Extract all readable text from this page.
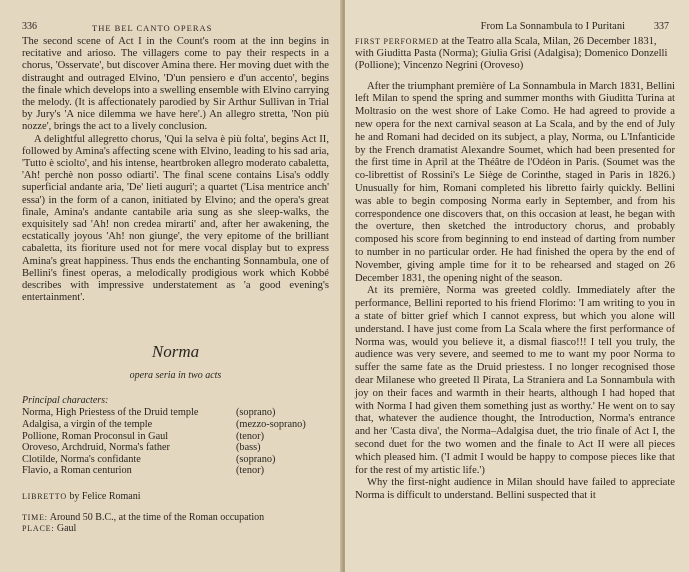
336	THE BEL CANTO OPERAS

The second scene of Act I in the Count's room at the inn begins in recitative and arioso. The villagers come to pay their respects in a chorus, 'Osservate', but discover Amina there. Her moving duet with the distraught and outraged Elvino, 'D'un pensiero e d'un accento', begins the finale which develops into a swelling ensemble with Elvino carrying the melody. (It is affectionately parodied by Sir Arthur Sullivan in Trial by Jury's 'A nice dilemma we have here'.) An allegro stretta, 'Non più nozze', brings the act to a lively conclusion.

A delightful allegretto chorus, 'Qui la selva è più folta', begins Act II, followed by Amina's affecting scene with Elvino, leading to his sad aria, 'Tutto è sciolto', and his intense, heartbroken allegro moderato cabaletta, 'Ah! perchè non posso odiarti'. The final scene contains Lisa's oddly superficial andante aria, 'De' lieti auguri'; a quartet ('Lisa mentrice anch' essa') in the form of a canon, initiated by Elvino; and the opera's great finale, Amina's andante cantabile aria sung as she sleep-walks, the exquisitely sad 'Ah! non credea mirarti' and, after her awakening, the ecstatically joyous 'Ah! non giunge', the very epitome of the brilliant cabaletta, its fioriture used not for mere vocal display but to express Amina's great happiness. Thus ends the enchanting Sonnambula, one of Bellini's finest operas, a melodically prodigious work which Kobbé describes with impressive understatement as 'a good evening's entertainment'.

Norma
opera seria in two acts
Principal characters:
Norma, High Priestess of the Druid temple	(soprano)
Adalgisa, a virgin of the temple	(mezzo-soprano)
Pollione, Roman Proconsul in Gaul	(tenor)
Oroveso, Archdruid, Norma's father	(bass)
Clotilde, Norma's confidante	(soprano)
Flavio, a Roman centurion	(tenor)
LIBRETTO by Felice Romani
TIME: Around 50 B.C., at the time of the Roman occupation
PLACE: Gaul
From La Sonnambula to I Puritani	337
FIRST PERFORMED at the Teatro alla Scala, Milan, 26 December 1831, with Giuditta Pasta (Norma); Giulia Grisi (Adalgisa); Domenico Donzelli (Pollione); Vincenzo Negrini (Oroveso)

After the triumphant première of La Sonnambula in March 1831, Bellini left Milan to spend the spring and summer months with Giuditta Turina at Moltrasio on the west shore of Lake Como. He had agreed to provide a new opera for the next carnival season at La Scala, and by the end of July he and Romani had decided on its subject, a play, Norma, ou L'Infanticide by the French dramatist Alexandre Soumet, which had been presented for the first time in April at the Théâtre de l'Odéon in Paris. (Soumet was the co-librettist of Rossini's Le Siège de Corinthe, staged in Paris in 1826.) Unusually for him, Romani completed his libretto fairly quickly. Bellini was able to begin composing Norma early in September, and from his correspondence one discovers that, on this occasion at least, he began with the overture, then sketched the introductory chorus, and probably composed his score from beginning to end instead of darting from number to number in no particular order. He had finished the opera by the end of November, giving ample time for it to be rehearsed and staged on 26 December 1831, the opening night of the season.

At its première, Norma was greeted coldly. Immediately after the performance, Bellini reported to his friend Florimo: 'I am writing to you in a state of bitter grief which I cannot express, but which you alone will understand. I have just come from La Scala where the first performance of Norma was, would you believe it, a dismal fiasco!!! I tell you truly, the audience was very severe, and seemed to me to want my poor Norma to suffer the same fate as the Druid priestess. I no longer recognised those dear Milanese who greeted Il Pirata, La Straniera and La Sonnambula with joy on their faces and warmth in their hearts, although I had hoped that with Norma I had given them something just as worthy.' He went on to say that, whatever the audience thought, the Introduction, Norma's entrance and her 'Casta diva', the Norma–Adalgisa duet, the trio finale of Act I, the second duet for the two women and the finale to Act II were all pieces which pleased him. ('I admit I would be happy to compose pieces like that for the rest of my artistic life.')

Why the first-night audience in Milan should have failed to appreciate Norma is difficult to understand. Bellini suspected that it
